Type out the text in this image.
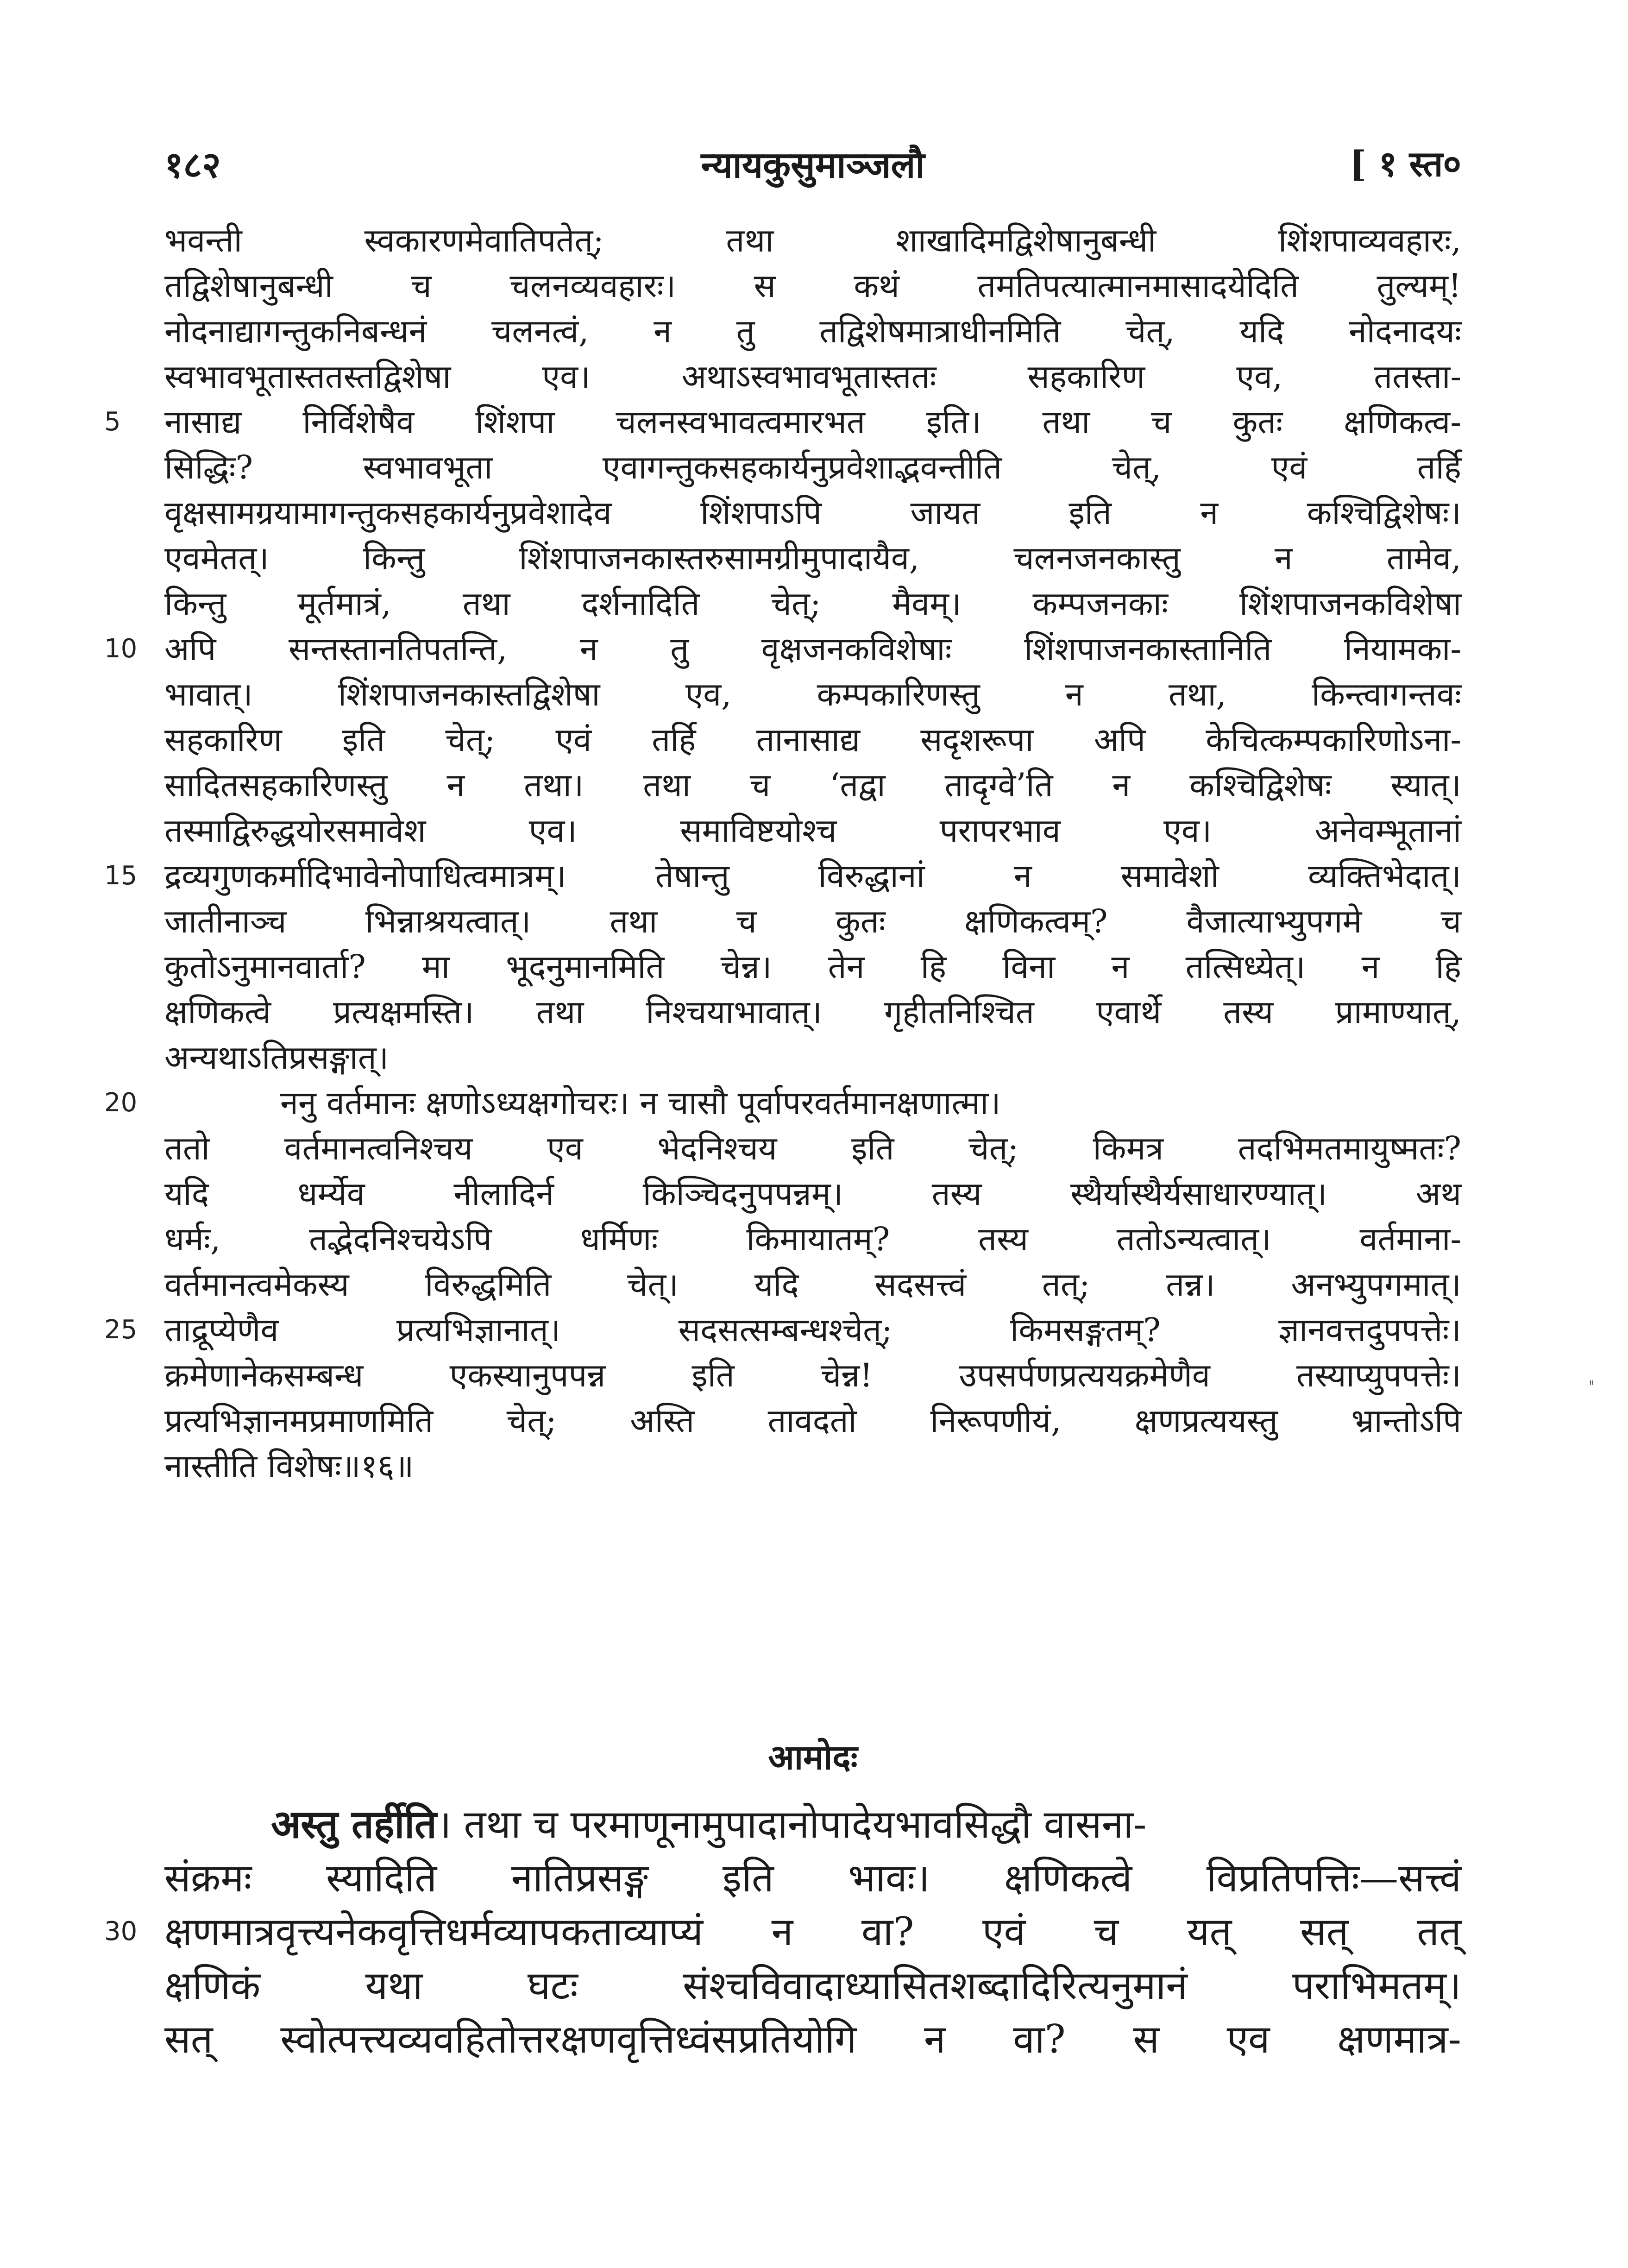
१८२	न्यायकुसुमाञ्जलौ	[ १ स्त०
भवन्ती स्वकारणमेवातिपतेत्; तथा शाखादिमद्विशेषानुबन्धी शिंशपाव्यवहारः,
तद्विशेषानुबन्धी च चलनव्यवहारः। स कथं तमतिपत्यात्मानमासादयेदिति तुल्यम्!
नोदनाद्यागन्तुकनिबन्धनं चलनत्वं, न तु तद्विशेषमात्राधीनमिति चेत्, यदि नोदनादयः
स्वभावभूतास्ततस्तद्विशेषा एव। अथाऽस्वभावभूतास्ततः सहकारिण एव, ततस्ता-
5	नासाद्य निर्विशेषैव शिंशपा चलनस्वभावत्वमारभत इति। तथा च कुतः क्षणिकत्व-
सिद्धिः? स्वभावभूता एवागन्तुकसहकार्यनुप्रवेशाद्भवन्तीति चेत्, एवं तर्हि
वृक्षसामग्रयामागन्तुकसहकार्यनुप्रवेशादेव शिंशपाऽपि जायत इति न कश्चिद्विशेषः।
एवमेतत्। किन्तु शिंशपाजनकास्तरुसामग्रीमुपादायैव, चलनजनकास्तु न तामेव,
किन्तु मूर्तमात्रं, तथा दर्शनादिति चेत्; मैवम्। कम्पजनकाः शिंशपाजनकविशेषा
10 अपि सन्तस्तानतिपतन्ति, न तु वृक्षजनकविशेषाः शिंशपाजनकास्तानिति नियामका-
भावात्। शिंशपाजनकास्तद्विशेषा एव, कम्पकारिणस्तु न तथा, किन्त्वागन्तवः
सहकारिण इति चेत्; एवं तर्हि तानासाद्य सदृशरूपा अपि केचित्कम्पकारिणोऽना-
सादितसहकारिणस्तु न तथा। तथा च ‘तद्वा तादृग्वे’ति न कश्चिद्विशेषः स्यात्।
तस्माद्विरुद्धयोरसमावेश एव। समाविष्टयोश्च परापरभाव एव। अनेवम्भूतानां
15 द्रव्यगुणकर्मादिभावेनोपाधित्वमात्रम्। तेषान्तु विरुद्धानां न समावेशो व्यक्तिभेदात्।
जातीनाञ्च भिन्नाश्रयत्वात्। तथा च कुतः क्षणिकत्वम्? वैजात्याभ्युपगमे च
कुतोऽनुमानवार्ता? मा भूदनुमानमिति चेन्न। तेन हि विना न तत्सिध्येत्। न हि
क्षणिकत्वे प्रत्यक्षमस्ति। तथा निश्चयाभावात्। गृहीतनिश्चित एवार्थे तस्य प्रामाण्यात्,
अन्यथाऽतिप्रसङ्गात्।
20	ननु वर्तमानः क्षणोऽध्यक्षगोचरः। न चासौ पूर्वापरवर्तमानक्षणात्मा।
ततो वर्तमानत्वनिश्चय एव भेदनिश्चय इति चेत्; किमत्र तदभिमतमायुष्मतः?
यदि धर्म्येव नीलादिर्न किञ्चिदनुपपन्नम्। तस्य स्थैर्यास्थैर्यसाधारण्यात्। अथ
धर्मः, तद्भेदनिश्चयेऽपि धर्मिणः किमायातम्? तस्य ततोऽन्यत्वात्। वर्तमाना-
वर्तमानत्वमेकस्य विरुद्धमिति चेत्। यदि सदसत्त्वं तत्; तन्न। अनभ्युपगमात्।
25 ताद्रूप्येणैव प्रत्यभिज्ञानात्। सदसत्सम्बन्धश्चेत्; किमसङ्गतम्? ज्ञानवत्तदुपपत्तेः।
क्रमेणानेकसम्बन्ध एकस्यानुपपन्न इति चेन्न! उपसर्पणप्रत्ययक्रमेणैव तस्याप्युपपत्तेः।
प्रत्यभिज्ञानमप्रमाणमिति चेत्; अस्ति तावदतो निरूपणीयं, क्षणप्रत्ययस्तु भ्रान्तोऽपि
नास्तीति विशेषः॥१६॥
आमोदः
अस्तु तर्हीति। तथा च परमाणूनामुपादानोपादेयभावसिद्धौ वासना-
संक्रमः स्यादिति नातिप्रसङ्ग इति भावः। क्षणिकत्वे विप्रतिपत्तिः—सत्त्वं
30 क्षणमात्रवृत्त्यनेकवृत्तिधर्मव्यापकताव्याप्यं न वा? एवं च यत् सत् तत्
क्षणिकं यथा घटः संश्चविवादाध्यासितशब्दादिरित्यनुमानं पराभिमतम्।
सत् स्वोत्पत्त्यव्यवहितोत्तरक्षणवृत्तिध्वंसप्रतियोगि न वा? स एव क्षणमात्र-
